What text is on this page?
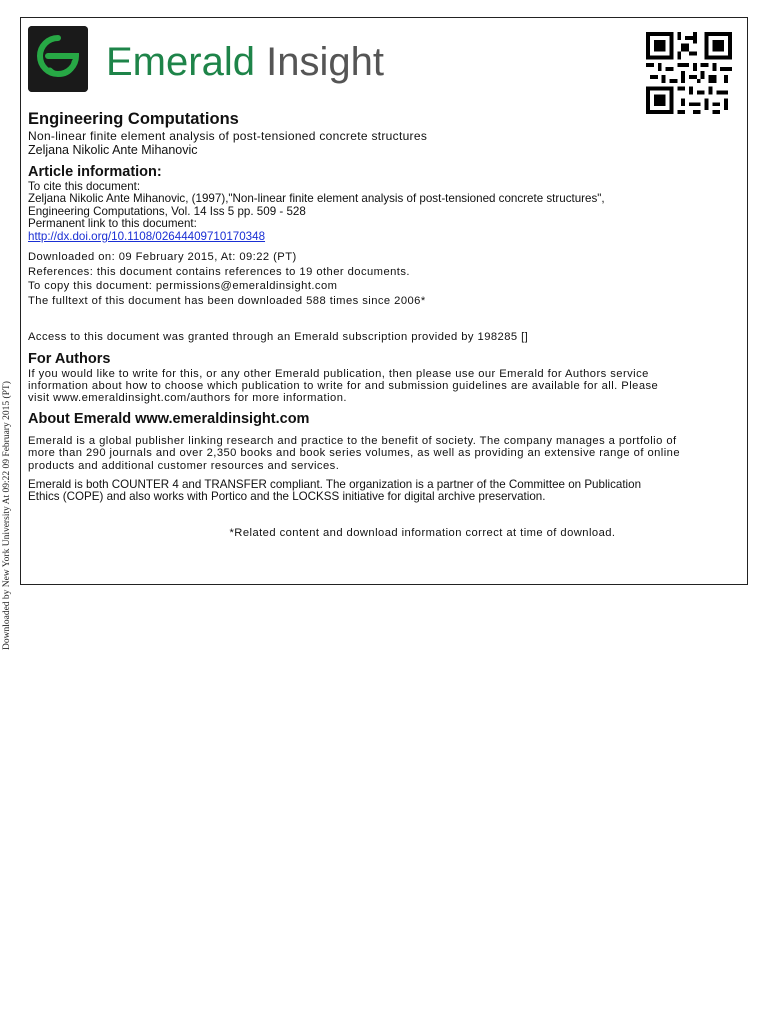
Emerald Insight
Engineering Computations
Non-linear finite element analysis of post-tensioned concrete structures
Zeljana Nikolic Ante Mihanovic
Article information:
To cite this document:
Zeljana Nikolic Ante Mihanovic, (1997),"Non-linear finite element analysis of post-tensioned concrete structures",
Engineering Computations, Vol. 14 Iss 5 pp. 509 - 528
Permanent link to this document:
http://dx.doi.org/10.1108/02644409710170348
Downloaded on: 09 February 2015, At: 09:22 (PT)
References: this document contains references to 19 other documents.
To copy this document: permissions@emeraldinsight.com
The fulltext of this document has been downloaded 588 times since 2006*
Access to this document was granted through an Emerald subscription provided by 198285 []
For Authors
If you would like to write for this, or any other Emerald publication, then please use our Emerald for Authors service
information about how to choose which publication to write for and submission guidelines are available for all. Please
visit www.emeraldinsight.com/authors for more information.
About Emerald www.emeraldinsight.com
Emerald is a global publisher linking research and practice to the benefit of society. The company manages a portfolio of
more than 290 journals and over 2,350 books and book series volumes, as well as providing an extensive range of online
products and additional customer resources and services.
Emerald is both COUNTER 4 and TRANSFER compliant. The organization is a partner of the Committee on Publication
Ethics (COPE) and also works with Portico and the LOCKSS initiative for digital archive preservation.
*Related content and download information correct at time of download.
Downloaded by New York University At 09:22 09 February 2015 (PT)
